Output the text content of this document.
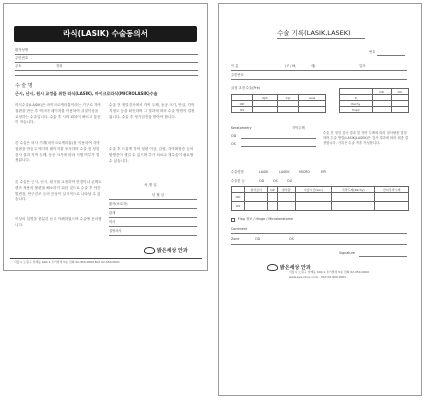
라식(LASIK) 수술동의서
환자성명
주민번호
주소	전화
수 술 명
근시, 난시, 원시 교정을 위한 라식(LASIK), 마이크로라식(MICROLASIK)수술
라식수술(LASIK)은 마이크로케라톰이라는 기구로 각막 절편을 만든 후 엑시머 레이저를 이용하여 굴절이상을 교정하는 수술입니다. 수술 후 시력 회복이 빠르고 통증이 적습니다.
본 수술은 의사 기계(마이크로케라톰)를 이용하여 각막절편을 만들고 엑시머 레이저를 조사하며 수술 전 정밀검사 결과 각막 두께, 동공 크기에 따라 시행 여부가 결정됩니다.
본 수술은 근시, 난시, 원시를 교정하여 안경이나 콘택트렌즈 착용의 불편을 해소하기 위한 것으로 수술 후 야간 빛번짐, 안구건조 등의 증상이 일시적으로 나타날 수 있습니다.
이상의 설명을 충분히 듣고 이해하였으며 수술에 동의합니다.
수술 전 정밀검사에서 각막 두께, 동공 크기, 안압, 각막지형도 등을 확인하며 그 결과에 따라 수술 방법이 결정됩니다. 수술 후 정기검진을 받아야 합니다.
수술 후 드물게 각막 절편 이상, 감염, 각막확장증 등의 합병증이 생길 수 있으며 추가 치료나 재수술이 필요할 수 있습니다.
서 명 일
년 월 일
환자(보호자)
관계
의사
설명의사
밝은세상 안과
서울시 노원구 상계동 600-1 우리빌딩 5층 전화 02-950-0000 FAX 02-950-0001
수술 기록(LASIK,LASEK)
번호
이 름	( F / M,	세)	일자
주민번호
굴절 교정 수술(Pre)
	Sph	Cyl	Axis
OD			
OS			
	OD	OS
K		
Pachy		
Pupil		
Keratometry	각막두께
OD
OS
수술 전 정밀 검사 결과 및 각막 두께에 따라 절삭량을 결정하며 수술 방법(LASIK/LASEK)은 검사 결과에 따라 최종 결정합니다. 기록은 수술 직후 작성합니다.
수술방법	LASIK	LASEK	MICRO	EPI
수술한 눈	OD	OS	OU
	절삭깊이	OZ	절삭량	수술시간(sec)	각막두께(Pachy)	잔여각막두께
OD						
OS						
Flap 정보 / Hinge / Microkeratome
Comment
Zone	OD	OS
Signature
밝은세상 안과
서울시 노원구 상계동 600-1 우리빌딩 5층 전화 02-950-0000
www.eye-clinic.co.kr · FAX 02-950-0001
